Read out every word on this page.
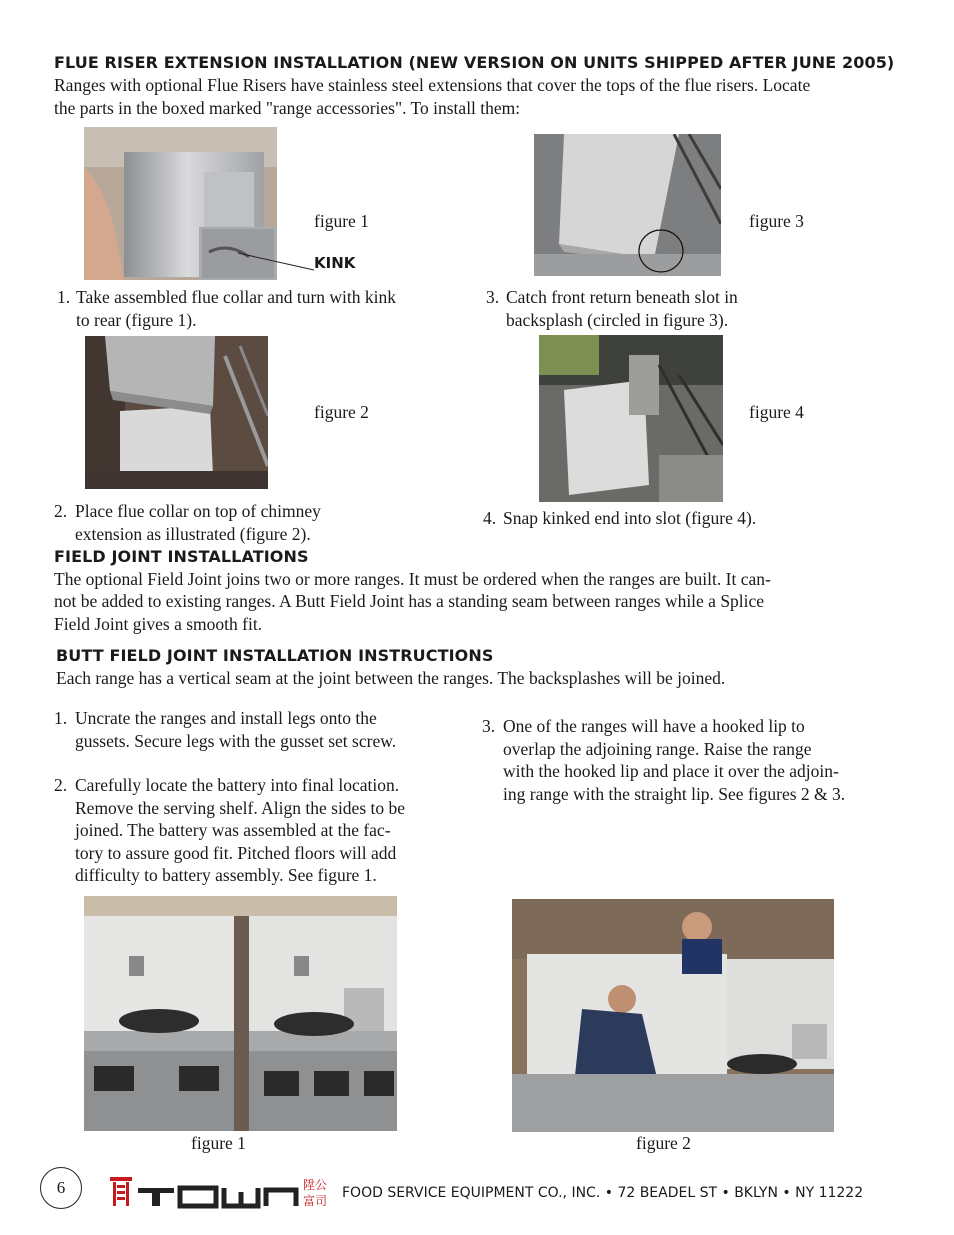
FLUE RISER EXTENSION INSTALLATION (NEW VERSION ON UNITS SHIPPED AFTER JUNE 2005)
Ranges with optional Flue Risers have stainless steel extensions that cover the tops of the flue risers. Locate
the parts in the boxed marked "range accessories". To install them:
figure 1
KINK
figure 3
1. Take assembled flue collar and turn with kink
to rear (figure 1).
3. Catch front return beneath slot in
backsplash (circled in figure 3).
figure 2	figure 4
2. Place flue collar on top of chimney
extension as illustrated (figure 2).
4. Snap kinked end into slot (figure 4).
FIELD JOINT INSTALLATIONS
The optional Field Joint joins two or more ranges. It must be ordered when the ranges are built. It can-
not be added to existing ranges. A Butt Field Joint has a standing seam between ranges while a Splice
Field Joint gives a smooth fit.
BUTT FIELD JOINT INSTALLATION INSTRUCTIONS
Each range has a vertical seam at the joint between the ranges. The backsplashes will be joined.
1. Uncrate the ranges and install legs onto the
gussets. Secure legs with the gusset set screw.
2. Carefully locate the battery into final location.
Remove the serving shelf. Align the sides to be
joined. The battery was assembled at the fac-
tory to assure good fit. Pitched floors will add
difficulty to battery assembly. See figure 1.
3. One of the ranges will have a hooked lip to
overlap the adjoining range. Raise the range
with the hooked lip and place it over the adjoin-
ing range with the straight lip. See figures 2 & 3.
figure 1	figure 2
6	陞公
富司 FOOD SERVICE EQUIPMENT CO., INC. • 72 BEADEL ST • BKLYN • NY 11222
